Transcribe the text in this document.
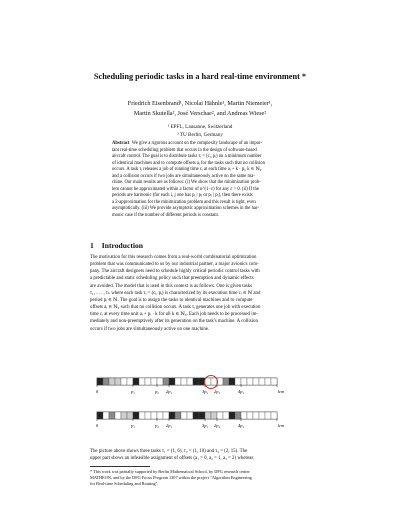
Scheduling periodic tasks in a hard real-time environment *
Friedrich Eisenbrand¹, Nicolai Hähnle¹, Martin Niemeier¹,
Martin Skutella², José Verschae², and Andreas Wiese²
¹ EPFL, Lausanne, Switzerland
² TU Berlin, Germany
Abstract We give a rigorous account on the complexity landscape of an impor-
tant real-time scheduling problem that occurs in the design of software-based
aircraft control. The goal is to distribute tasks τᵢ = (cᵢ, pᵢ) on a minimum number
of identical machines and to compute offsets aᵢ for the tasks such that no collision
occurs. A task τᵢ releases a job of running time cᵢ at each time aᵢ + k · pᵢ, k ∈ ℕ₀
and a collision occurs if two jobs are simultaneously active on the same ma-
chine. Our main results are as follows: (i) We show that the minimization prob-
lem cannot be approximated within a factor of n^(1−ε) for any ε > 0. (ii) If the
periods are harmonic (for each i, j one has pᵢ | pⱼ or pⱼ | pᵢ), then there exists
a 2-approximation for the minimization problem and this result is tight, even
asymptotically. (iii) We provide asymptotic approximation schemes in the har-
monic case if the number of different periods is constant.
1 Introduction
The motivation for this research comes from a real-world combinatorial optimization
problem that was communicated to us by our industrial partner, a major avionics com-
pany. The aircraft designers need to schedule highly critical periodic control tasks with
a predictable and static scheduling policy such that preemption and dynamic effects
are avoided. The model that is used in this context is as follows. One is given tasks
τ₁, . . . , τₙ where each task τᵢ = (cᵢ, pᵢ) is characterized by its execution time cᵢ ∈ ℕ and
period pᵢ ∈ ℕ. The goal is to assign the tasks to identical machines and to compute
offsets aᵢ ∈ ℕ₀ such that no collision occurs. A task τᵢ generates one job with execution
time cᵢ at every time unit aᵢ + pᵢ · k for all k ∈ ℕ₀. Each job needs to be processed im-
mediately and non-preemptively after its generation on the task's machine. A collision
occurs if two jobs are simultaneously active on one machine.
0	p₁	p₂ 2p₁	3p₁ 2p₂	4p₁	lcm
0	p₁	p₂ 2p₁	3p₁ 2p₂	4p₁	lcm
The picture above shows three tasks τ₁ = (1, 6), τ₂ = (1, 10) and τ₃ = (2, 15). The
upper part shows an infeasible assignment of offsets (a₁ = 0, a₂ = 1, a₃ = 2) whereas
* This work was partially supported by Berlin Mathematical School, by DFG research center
MATHEON, and by the DFG Focus Program 1307 within the project "Algorithm Engineering
for Real-time Scheduling and Routing".
